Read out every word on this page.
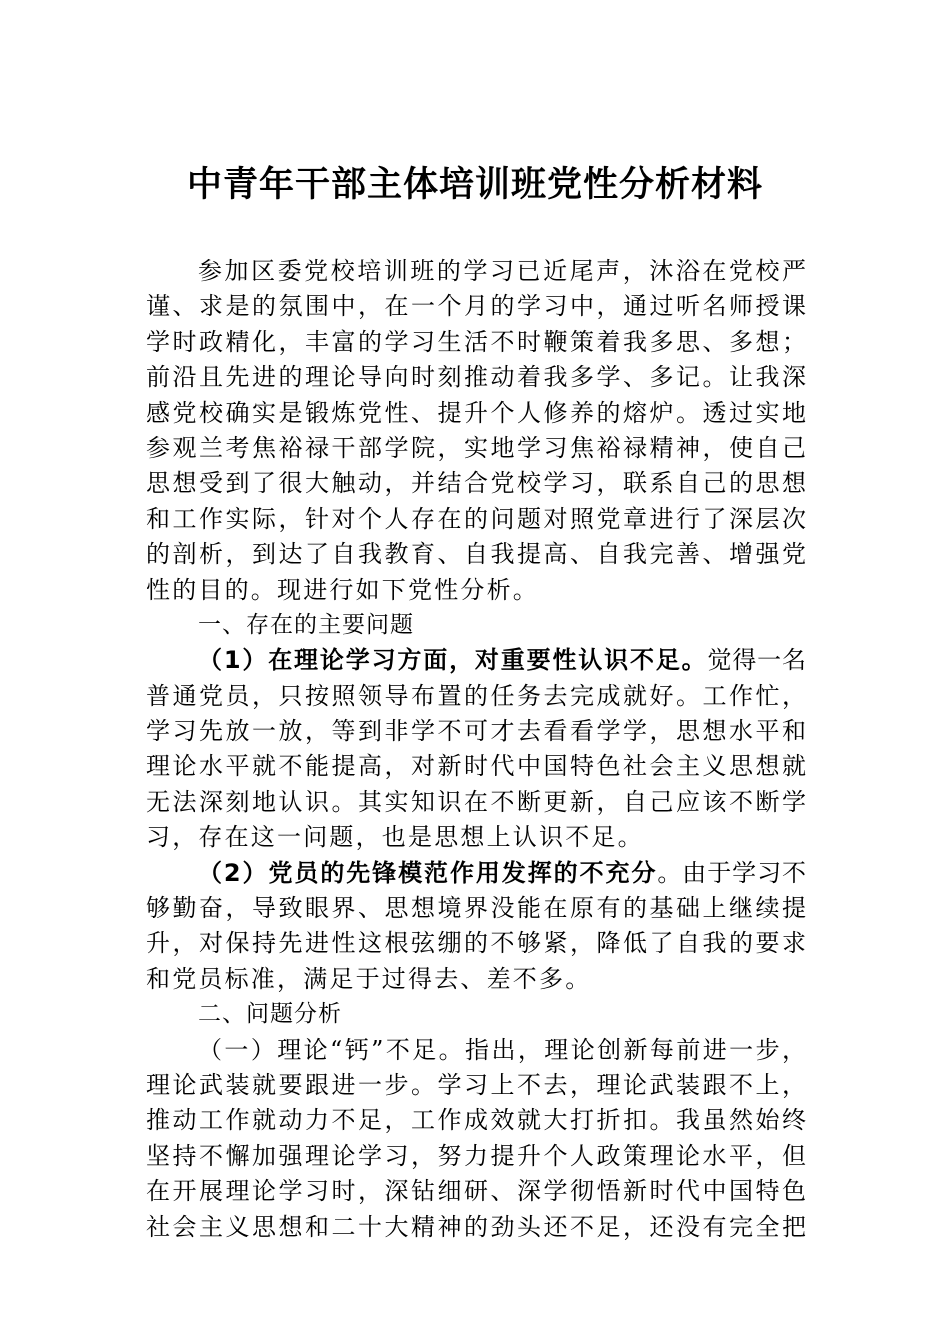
中青年干部主体培训班党性分析材料
参加区委党校培训班的学习已近尾声，沐浴在党校严
谨、求是的氛围中，在一个月的学习中，通过听名师授课
学时政精化，丰富的学习生活不时鞭策着我多思、多想；
前沿且先进的理论导向时刻推动着我多学、多记。让我深
感党校确实是锻炼党性、提升个人修养的熔炉。透过实地
参观兰考焦裕禄干部学院，实地学习焦裕禄精神，使自己
思想受到了很大触动，并结合党校学习，联系自己的思想
和工作实际，针对个人存在的问题对照党章进行了深层次
的剖析，到达了自我教育、自我提高、自我完善、增强党
性的目的。现进行如下党性分析。
一、存在的主要问题
（1）在理论学习方面，对重要性认识不足。觉得一名
普通党员，只按照领导布置的任务去完成就好。工作忙，
学习先放一放，等到非学不可才去看看学学，思想水平和
理论水平就不能提高，对新时代中国特色社会主义思想就
无法深刻地认识。其实知识在不断更新，自己应该不断学
习，存在这一问题，也是思想上认识不足。
（2）党员的先锋模范作用发挥的不充分。由于学习不
够勤奋，导致眼界、思想境界没能在原有的基础上继续提
升，对保持先进性这根弦绷的不够紧，降低了自我的要求
和党员标准，满足于过得去、差不多。
二、问题分析
（一）理论“钙”不足。指出，理论创新每前进一步，
理论武装就要跟进一步。学习上不去，理论武装跟不上，
推动工作就动力不足，工作成效就大打折扣。我虽然始终
坚持不懈加强理论学习，努力提升个人政策理论水平，但
在开展理论学习时，深钻细研、深学彻悟新时代中国特色
社会主义思想和二十大精神的劲头还不足，还没有完全把
